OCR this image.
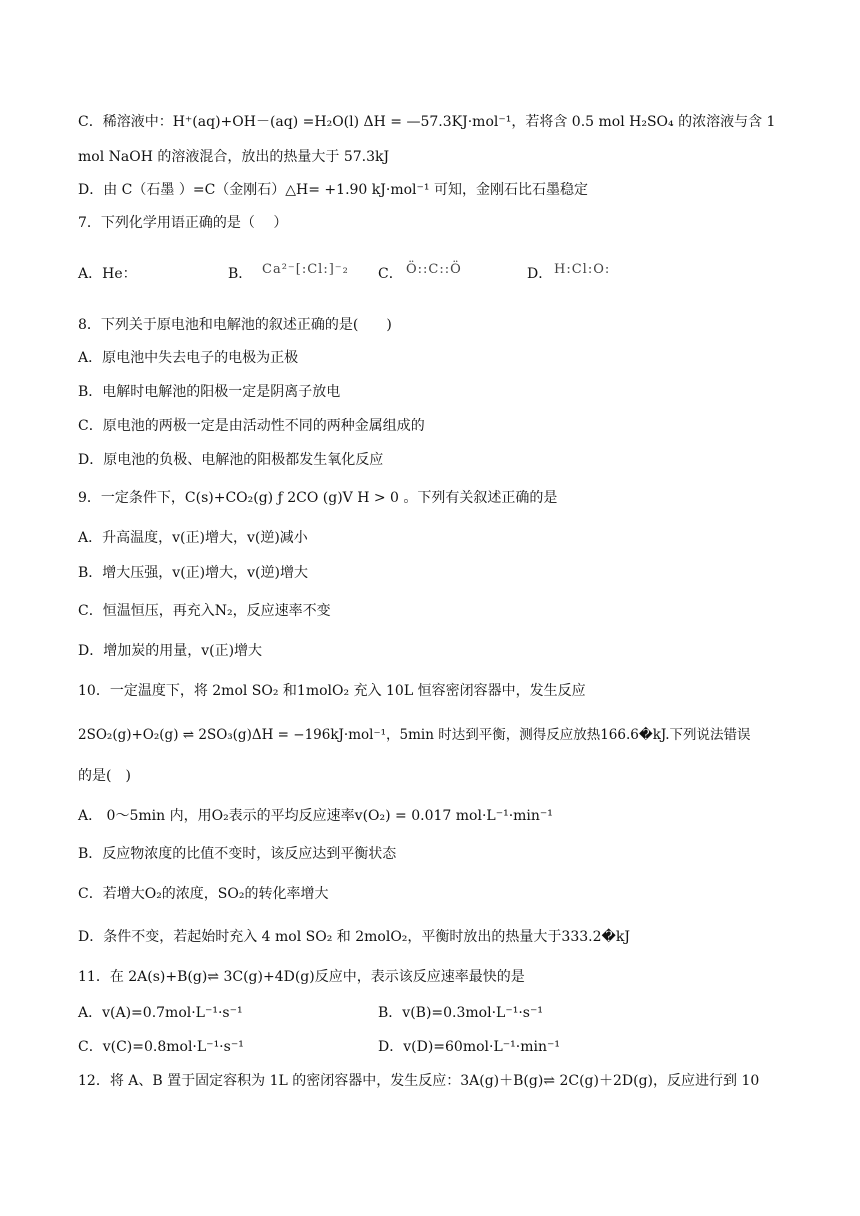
C．稀溶液中：H⁺(aq)+OH－(aq) =H₂O(l) ΔH = —57.3KJ·mol⁻¹，若将含 0.5 mol H₂SO₄ 的浓溶液与含 1
mol NaOH 的溶液混合，放出的热量大于 57.3kJ
D．由 C（石墨 ）=C（金刚石）△H= +1.90 kJ·mol⁻¹ 可知，金刚石比石墨稳定
7．下列化学用语正确的是（　 ）
A．He：	B． Ca²⁻[:Cl:]⁻₂ C． Ö::C::Ö	D． H:Cl:O:
8．下列关于原电池和电解池的叙述正确的是(　　)
A．原电池中失去电子的电极为正极
B．电解时电解池的阳极一定是阴离子放电
C．原电池的两极一定是由活动性不同的两种金属组成的
D．原电池的负极、电解池的阳极都发生氧化反应
9．一定条件下，C(s)+CO₂(g) ƒ 2CO (g)V H > 0 。下列有关叙述正确的是
A．升高温度，v(正)增大，v(逆)减小
B．增大压强，v(正)增大，v(逆)增大
C．恒温恒压，再充入N₂，反应速率不变
D．增加炭的用量，v(正)增大
10．一定温度下，将 2mol SO₂ 和1molO₂ 充入 10L 恒容密闭容器中，发生反应
2SO₂(g)+O₂(g) ⇌ 2SO₃(g)ΔH = −196kJ·mol⁻¹，5min 时达到平衡，测得反应放热166.6�kJ.下列说法错误
的是(　)
A． 0～5min 内，用O₂表示的平均反应速率v(O₂) = 0.017 mol·L⁻¹·min⁻¹
B．反应物浓度的比值不变时，该反应达到平衡状态
C．若增大O₂的浓度，SO₂的转化率增大
D．条件不变，若起始时充入 4 mol SO₂ 和 2molO₂，平衡时放出的热量大于333.2�kJ
11．在 2A(s)+B(g)⇌ 3C(g)+4D(g)反应中，表示该反应速率最快的是
A．v(A)=0.7mol·L⁻¹·s⁻¹	B．v(B)=0.3mol·L⁻¹·s⁻¹
C．v(C)=0.8mol·L⁻¹·s⁻¹	D．v(D)=60mol·L⁻¹·min⁻¹
12．将 A、B 置于固定容积为 1L 的密闭容器中，发生反应：3A(g)＋B(g)⇌ 2C(g)＋2D(g)，反应进行到 10
